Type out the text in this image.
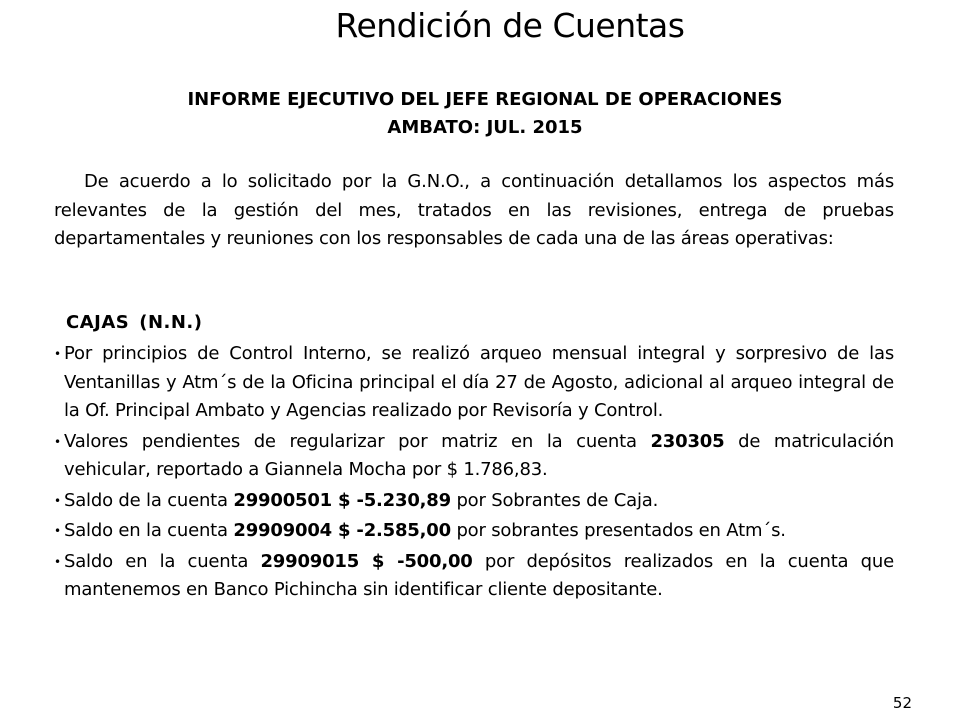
Rendición de Cuentas
INFORME EJECUTIVO DEL JEFE REGIONAL DE OPERACIONES
AMBATO: JUL. 2015
De acuerdo a lo solicitado por la G.N.O., a continuación detallamos los aspectos más relevantes de la gestión del mes, tratados en las revisiones, entrega de pruebas departamentales y reuniones con los responsables de cada una de las áreas operativas:
CAJAS (N.N.)
• Por principios de Control Interno, se realizó arqueo mensual integral y sorpresivo de las Ventanillas y Atm´s de la Oficina principal el día 27 de Agosto, adicional al arqueo integral de la Of. Principal Ambato y Agencias realizado por Revisoría y Control.
• Valores pendientes de regularizar por matriz en la cuenta 230305 de matriculación vehicular, reportado a Giannela Mocha por $ 1.786,83.
• Saldo de la cuenta 29900501 $ -5.230,89 por Sobrantes de Caja.
• Saldo en la cuenta 29909004 $ -2.585,00 por sobrantes presentados en Atm´s.
• Saldo en la cuenta 29909015 $ -500,00 por depósitos realizados en la cuenta que mantenemos en Banco Pichincha sin identificar cliente depositante.
52
